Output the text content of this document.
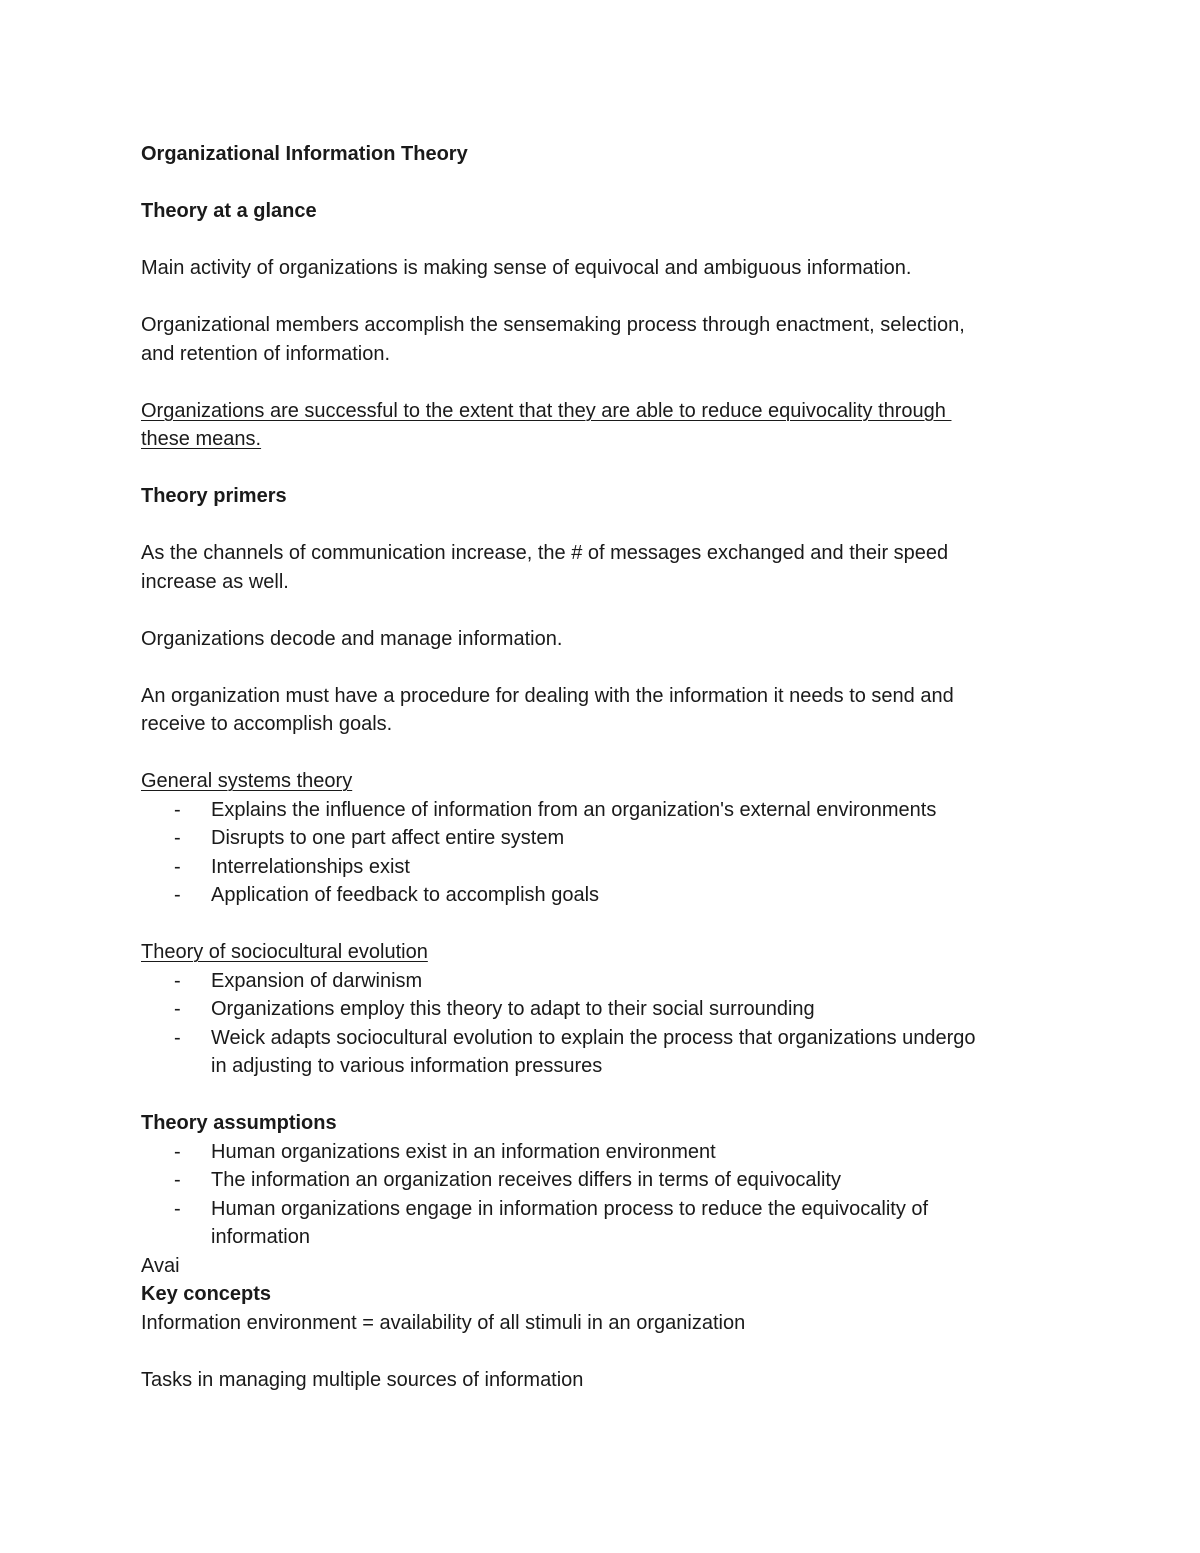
Organizational Information Theory

Theory at a glance

Main activity of organizations is making sense of equivocal and ambiguous information.

Organizational members accomplish the sensemaking process through enactment, selection,

and retention of information.

Organizations are successful to the extent that they are able to reduce equivocality through

these means.

Theory primers

As the channels of communication increase, the # of messages exchanged and their speed

increase as well.

Organizations decode and manage information.

An organization must have a procedure for dealing with the information it needs to send and

receive to accomplish goals.

General systems theory

- Explains the influence of information from an organization's external environments
- Disrupts to one part affect entire system
- Interrelationships exist
- Application of feedback to accomplish goals

Theory of sociocultural evolution

- Expansion of darwinism
- Organizations employ this theory to adapt to their social surrounding
- Weick adapts sociocultural evolution to explain the process that organizations undergo
in adjusting to various information pressures

Theory assumptions

- Human organizations exist in an information environment
- The information an organization receives differs in terms of equivocality
- Human organizations engage in information process to reduce the equivocality of
information

Avai

Key concepts

Information environment = availability of all stimuli in an organization

Tasks in managing multiple sources of information
